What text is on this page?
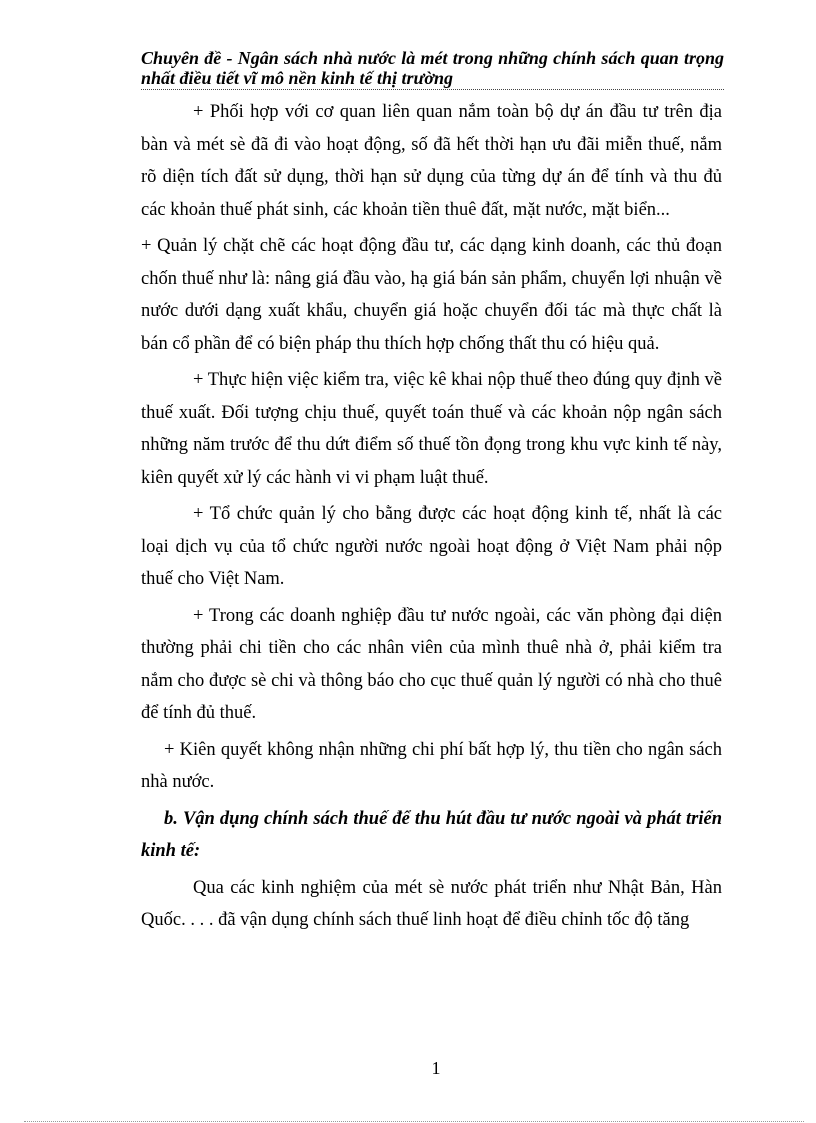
Chuyên đề - Ngân sách nhà nước là mét trong những chính sách quan trọng nhất điều tiết vĩ mô nền kinh tế thị trường

+ Phối hợp với cơ quan liên quan nắm toàn bộ dự án đầu tư trên địa bàn và mét sè đã đi vào hoạt động, số đã hết thời hạn ưu đãi miễn thuế, nắm rõ diện tích đất sử dụng, thời hạn sử dụng của từng dự án để tính và thu đủ các khoản thuế phát sinh, các khoản tiền thuê đất, mặt nước, mặt biển...

+ Quản lý chặt chẽ các hoạt động đầu tư, các dạng kinh doanh, các thủ đoạn chốn thuế như là: nâng giá đầu vào, hạ giá bán sản phẩm, chuyển lợi nhuận về nước dưới dạng xuất khẩu, chuyển giá hoặc chuyển đối tác mà thực chất là bán cổ phần để có biện pháp thu thích hợp chống thất thu có hiệu quả.

+ Thực hiện việc kiểm tra, việc kê khai nộp thuế theo đúng quy định về thuế xuất. Đối tượng chịu thuế, quyết toán thuế và các khoản nộp ngân sách những năm trước để thu dứt điểm số thuế tồn đọng trong khu vực kinh tế này, kiên quyết xử lý các hành vi vi phạm luật thuế.

+ Tổ chức quản lý cho bằng được các hoạt động kinh tế, nhất là các loại dịch vụ của tổ chức người nước ngoài hoạt động ở Việt Nam phải nộp thuế cho Việt Nam.

+ Trong các doanh nghiệp đầu tư nước ngoài, các văn phòng đại diện thường phải chi tiền cho các nhân viên của mình thuê nhà ở, phải kiểm tra nắm cho được sè chi và thông báo cho cục thuế quản lý người có nhà cho thuê để tính đủ thuế.

+ Kiên quyết không nhận những chi phí bất hợp lý, thu tiền cho ngân sách nhà nước.

b. Vận dụng chính sách thuế để thu hút đầu tư nước ngoài và phát triển kinh tế:

Qua các kinh nghiệm của mét sè nước phát triển như Nhật Bản, Hàn Quốc. . . . đã vận dụng chính sách thuế linh hoạt để điều chỉnh tốc độ tăng

1
